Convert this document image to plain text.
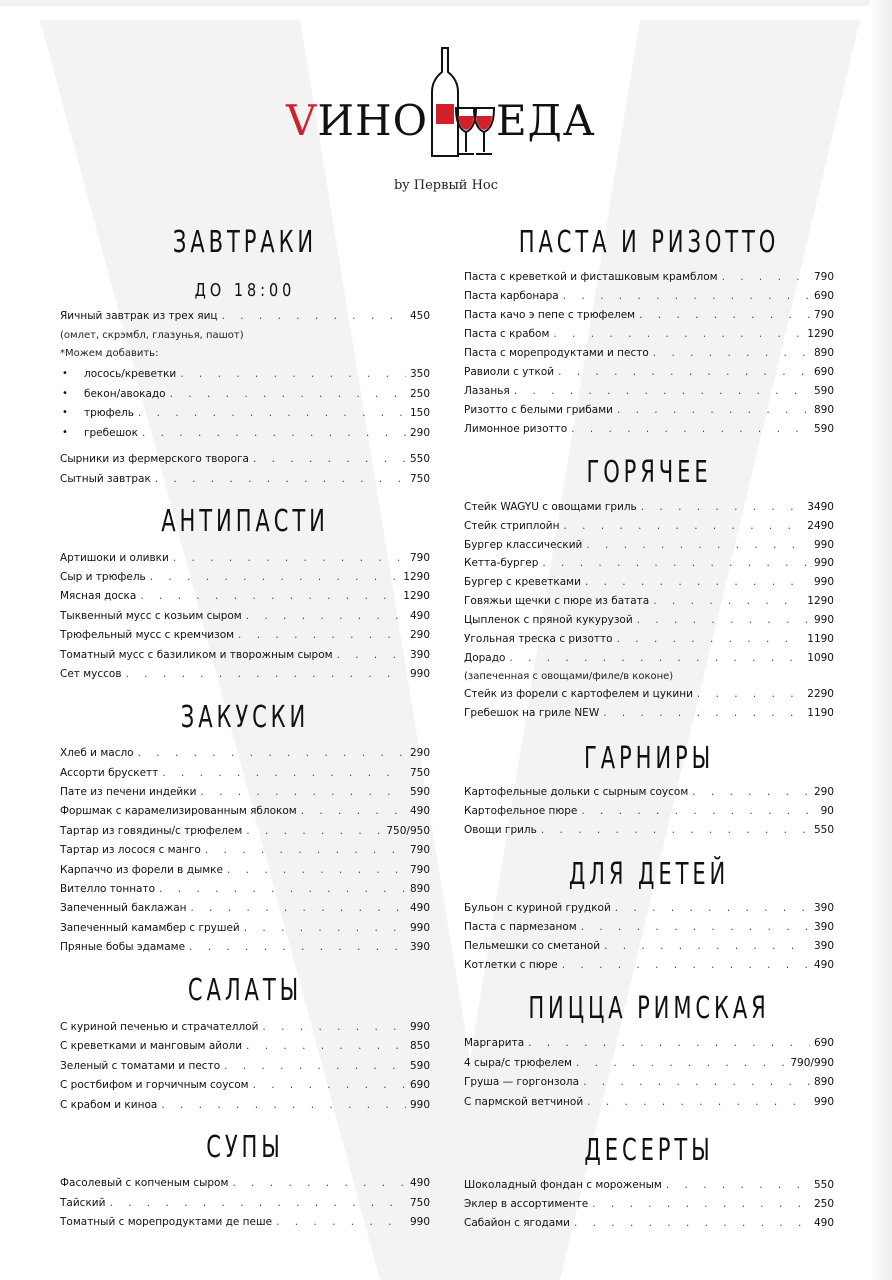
VИНО ЕДА
by Первый Нос
ЗАВТРАКИ
ДО 18:00
Яичный завтрак из трех яиц . . .	450
(омлет, скрэмбл, глазунья, пашот)
*Можем добавить:
•	лосось/креветки . . .	350
•	бекон/авокадо . . .	250
•	трюфель . . .	150
•	гребешок . . .	290
Сырники из фермерского творога . . .	550
Сытный завтрак . . .	750
АНТИПАСТИ
Артишоки и оливки . . .	790
Сыр и трюфель . . .	1290
Мясная доска . . .	1290
Тыквенный мусс с козьим сыром . . .	490
Трюфельный мусс с кремчизом . . .	290
Томатный мусс с базиликом и творожным сыром . . .	390
Сет муссов . . .	990
ЗАКУСКИ
Хлеб и масло . . .	290
Ассорти брускетт . . .	750
Пате из печени индейки . . .	590
Форшмак с карамелизированным яблоком . . .	490
Тартар из говядины/с трюфелем . . .	750/950
Тартар из лосося с манго . . .	790
Карпаччо из форели в дымке . . .	790
Вителло тоннато . . .	890
Запеченный баклажан . . .	490
Запеченный камамбер с грушей . . .	990
Пряные бобы эдамаме . . .	390
САЛАТЫ
С куриной печенью и страчателлой . . .	990
С креветками и манговым айоли . . .	850
Зеленый с томатами и песто . . .	590
С ростбифом и горчичным соусом . . .	690
С крабом и киноа . . .	990
СУПЫ
Фасолевый с копченым сыром . . .	490
Тайский . . .	750
Томатный с морепродуктами де пеше . . .	990
ПАСТА И РИЗОТТО
Паста с креветкой и фисташковым крамблом . . .	790
Паста карбонара . . .	690
Паста качо э пепе с трюфелем . . .	790
Паста с крабом . . .	1290
Паста с морепродуктами и песто . . .	890
Равиоли с уткой . . .	690
Лазанья . . .	590
Ризотто с белыми грибами . . .	890
Лимонное ризотто . . .	590
ГОРЯЧЕЕ
Стейк WAGYU с овощами гриль . . .	3490
Стейк стриплойн . . .	2490
Бургер классический . . .	990
Кетта-бургер . . .	990
Бургер с креветками . . .	990
Говяжьи щечки с пюре из батата . . .	1290
Цыпленок с пряной кукурузой . . .	990
Угольная треска с ризотто . . .	1190
Дорадо . . .	1090
(запеченная с овощами/филе/в коконе)
Стейк из форели с картофелем и цукини . . .	2290
Гребешок на гриле NEW . . .	1190
ГАРНИРЫ
Картофельные дольки с сырным соусом . . .	290
Картофельное пюре . . .	90
Овощи гриль . . .	550
ДЛЯ ДЕТЕЙ
Бульон с куриной грудкой . . .	390
Паста с пармезаном . . .	390
Пельмешки со сметаной . . .	390
Котлетки с пюре . . .	490
ПИЦЦА РИМСКАЯ
Маргарита . . .	690
4 сыра/с трюфелем . . .	790/990
Груша — горгонзола . . .	890
С пармской ветчиной . . .	990
ДЕСЕРТЫ
Шоколадный фондан с мороженым . . .	550
Эклер в ассортименте . . .	250
Сабайон с ягодами . . .	490
